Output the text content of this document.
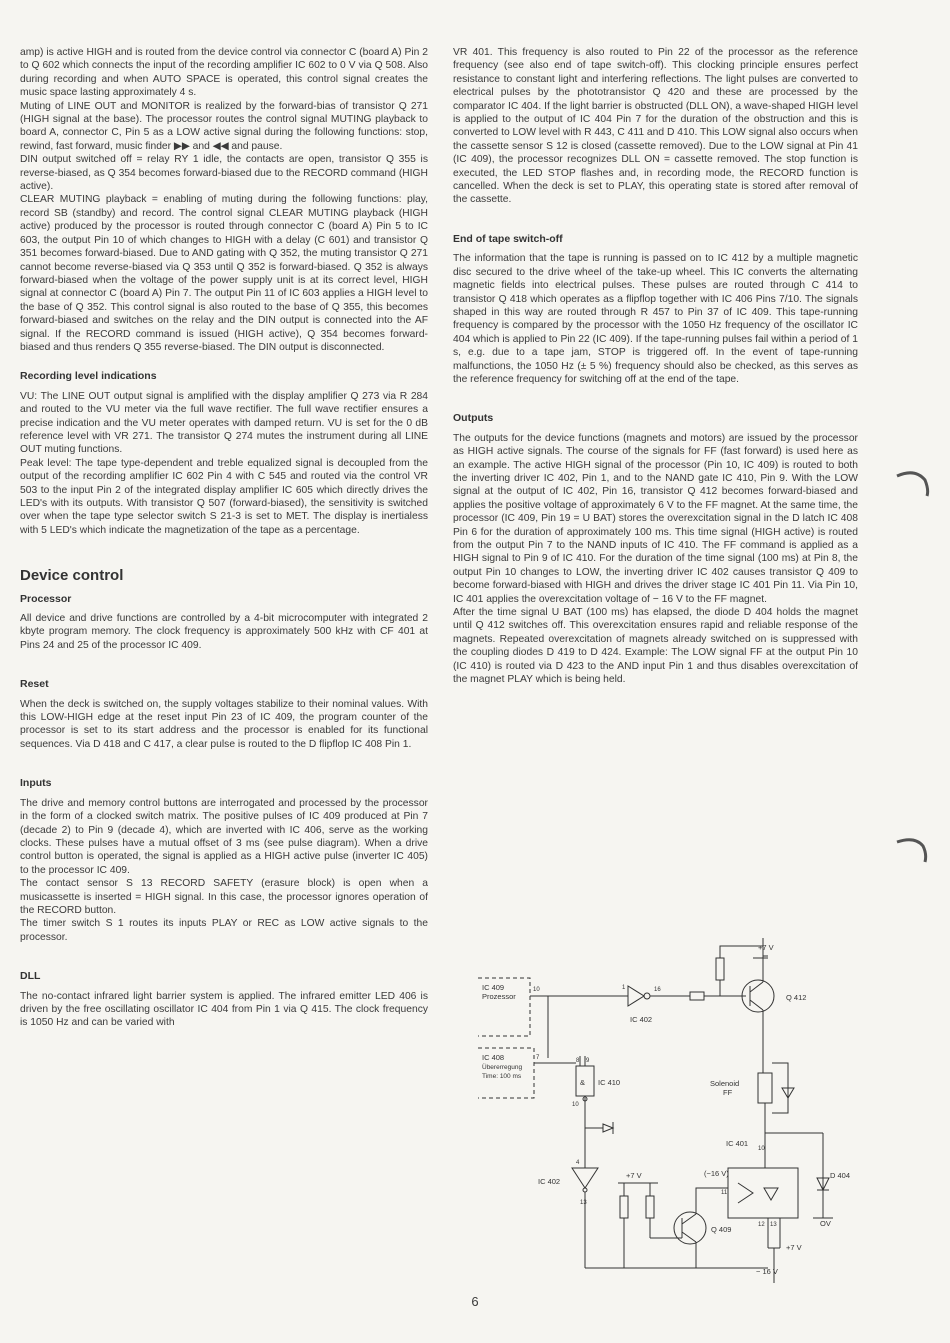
amp) is active HIGH and is routed from the device control via connector C (board A) Pin 2 to Q 602 which connects the input of the recording amplifier IC 602 to 0 V via Q 508. Also during recording and when AUTO SPACE is operated, this control signal creates the music space lasting approximately 4 s.

Muting of LINE OUT and MONITOR is realized by the forward-bias of transistor Q 271 (HIGH signal at the base). The processor routes the control signal MUTING playback to board A, connector C, Pin 5 as a LOW active signal during the following functions: stop, rewind, fast forward, music finder ▶▶ and ◀◀ and pause.

DIN output switched off = relay RY 1 idle, the contacts are open, transistor Q 355 is reverse-biased, as Q 354 becomes forward-biased due to the RECORD command (HIGH active).

CLEAR MUTING playback = enabling of muting during the following functions: play, record SB (standby) and record. The control signal CLEAR MUTING playback (HIGH active) produced by the processor is routed through connector C (board A) Pin 5 to IC 603, the output Pin 10 of which changes to HIGH with a delay (C 601) and transistor Q 351 becomes forward-biased. Due to AND gating with Q 352, the muting transistor Q 271 cannot become reverse-biased via Q 353 until Q 352 is forward-biased. Q 352 is always forward-biased when the voltage of the power supply unit is at its correct level, HIGH signal at connector C (board A) Pin 7. The output Pin 11 of IC 603 applies a HIGH level to the base of Q 352. This control signal is also routed to the base of Q 355, this becomes forward-biased and switches on the relay and the DIN output is connected into the AF signal. If the RECORD command is issued (HIGH active), Q 354 becomes forward-biased and thus renders Q 355 reverse-biased. The DIN output is disconnected.

Recording level indications

VU: The LINE OUT output signal is amplified with the display amplifier Q 273 via R 284 and routed to the VU meter via the full wave rectifier. The full wave rectifier ensures a precise indication and the VU meter operates with damped return. VU is set for the 0 dB reference level with VR 271. The transistor Q 274 mutes the instrument during all LINE OUT muting functions.

Peak level: The tape type-dependent and treble equalized signal is decoupled from the output of the recording amplifier IC 602 Pin 4 with C 545 and routed via the control VR 503 to the input Pin 2 of the integrated display amplifier IC 605 which directly drives the LED's with its outputs. With transistor Q 507 (forward-biased), the sensitivity is switched over when the tape type selector switch S 21-3 is set to MET. The display is inertialess with 5 LED's which indicate the magnetization of the tape as a percentage.

Device control
Processor

All device and drive functions are controlled by a 4-bit microcomputer with integrated 2 kbyte program memory. The clock frequency is approximately 500 kHz with CF 401 at Pins 24 and 25 of the processor IC 409.

Reset

When the deck is switched on, the supply voltages stabilize to their nominal values. With this LOW-HIGH edge at the reset input Pin 23 of IC 409, the program counter of the processor is set to its start address and the processor is enabled for its functional sequences. Via D 418 and C 417, a clear pulse is routed to the D flipflop IC 408 Pin 1.

Inputs

The drive and memory control buttons are interrogated and processed by the processor in the form of a clocked switch matrix. The positive pulses of IC 409 produced at Pin 7 (decade 2) to Pin 9 (decade 4), which are inverted with IC 406, serve as the working clocks. These pulses have a mutual offset of 3 ms (see pulse diagram). When a drive control button is operated, the signal is applied as a HIGH active pulse (inverter IC 405) to the processor IC 409.

The contact sensor S 13 RECORD SAFETY (erasure block) is open when a musicassette is inserted = HIGH signal. In this case, the processor ignores operation of the RECORD button.

The timer switch S 1 routes its inputs PLAY or REC as LOW active signals to the processor.

DLL

The no-contact infrared light barrier system is applied. The infrared emitter LED 406 is driven by the free oscillating oscillator IC 404 from Pin 1 via Q 415. The clock frequency is 1050 Hz and can be varied with

VR 401. This frequency is also routed to Pin 22 of the processor as the reference frequency (see also end of tape switch-off). This clocking principle ensures perfect resistance to constant light and interfering reflections. The light pulses are converted to electrical pulses by the phototransistor Q 420 and these are processed by the comparator IC 404. If the light barrier is obstructed (DLL ON), a wave-shaped HIGH level is applied to the output of IC 404 Pin 7 for the duration of the obstruction and this is converted to LOW level with R 443, C 411 and D 410. This LOW signal also occurs when the cassette sensor S 12 is closed (cassette removed). Due to the LOW signal at Pin 41 (IC 409), the processor recognizes DLL ON = cassette removed. The stop function is executed, the LED STOP flashes and, in recording mode, the RECORD function is cancelled. When the deck is set to PLAY, this operating state is stored after removal of the cassette.

End of tape switch-off

The information that the tape is running is passed on to IC 412 by a multiple magnetic disc secured to the drive wheel of the take-up wheel. This IC converts the alternating magnetic fields into electrical pulses. These pulses are routed through C 414 to transistor Q 418 which operates as a flipflop together with IC 406 Pins 7/10. The signals shaped in this way are routed through R 457 to Pin 37 of IC 409. This tape-running frequency is compared by the processor with the 1050 Hz frequency of the oscillator IC 404 which is applied to Pin 22 (IC 409). If the tape-running pulses fail within a period of 1 s, e.g. due to a tape jam, STOP is triggered off. In the event of tape-running malfunctions, the 1050 Hz (± 5 %) frequency should also be checked, as this serves as the reference frequency for switching off at the end of the tape.

Outputs

The outputs for the device functions (magnets and motors) are issued by the processor as HIGH active signals. The course of the signals for FF (fast forward) is used here as an example. The active HIGH signal of the processor (Pin 10, IC 409) is routed to both the inverting driver IC 402, Pin 1, and to the NAND gate IC 410, Pin 9. With the LOW signal at the output of IC 402, Pin 16, transistor Q 412 becomes forward-biased and applies the positive voltage of approximately 6 V to the FF magnet. At the same time, the processor (IC 409, Pin 19 = U BAT) stores the overexcitation signal in the D latch IC 408 Pin 6 for the duration of approximately 100 ms. This time signal (HIGH active) is routed from the output Pin 7 to the NAND inputs of IC 410. The FF command is applied as a HIGH signal to Pin 9 of IC 410. For the duration of the time signal (100 ms) at Pin 8, the output Pin 10 changes to LOW, the inverting driver IC 402 causes transistor Q 409 to become forward-biased with HIGH and drives the driver stage IC 401 Pin 11. Via Pin 10, IC 401 applies the overexcitation voltage of − 16 V to the FF magnet.

After the time signal U BAT (100 ms) has elapsed, the diode D 404 holds the magnet until Q 412 switches off. This overexcitation ensures rapid and reliable response of the magnets. Repeated overexcitation of magnets already switched on is suppressed with the coupling diodes D 419 to D 424. Example: The LOW signal FF at the output Pin 10 (IC 410) is routed via D 423 to the AND input Pin 1 and thus disables overexcitation of the magnet PLAY which is being held.

IC 409
Prozessor
10	1	16
IC 402
Q 412
+7 V
IC 408
Übererregung
Time: 100 ms
7	8 9
& IC 410
10
Solenoid
FF
IC 401
10
D 404
4
IC 402
13
+7 V	(−16 V)
11
Q 409	12 13
+7 V
− 16 V
OV
6
